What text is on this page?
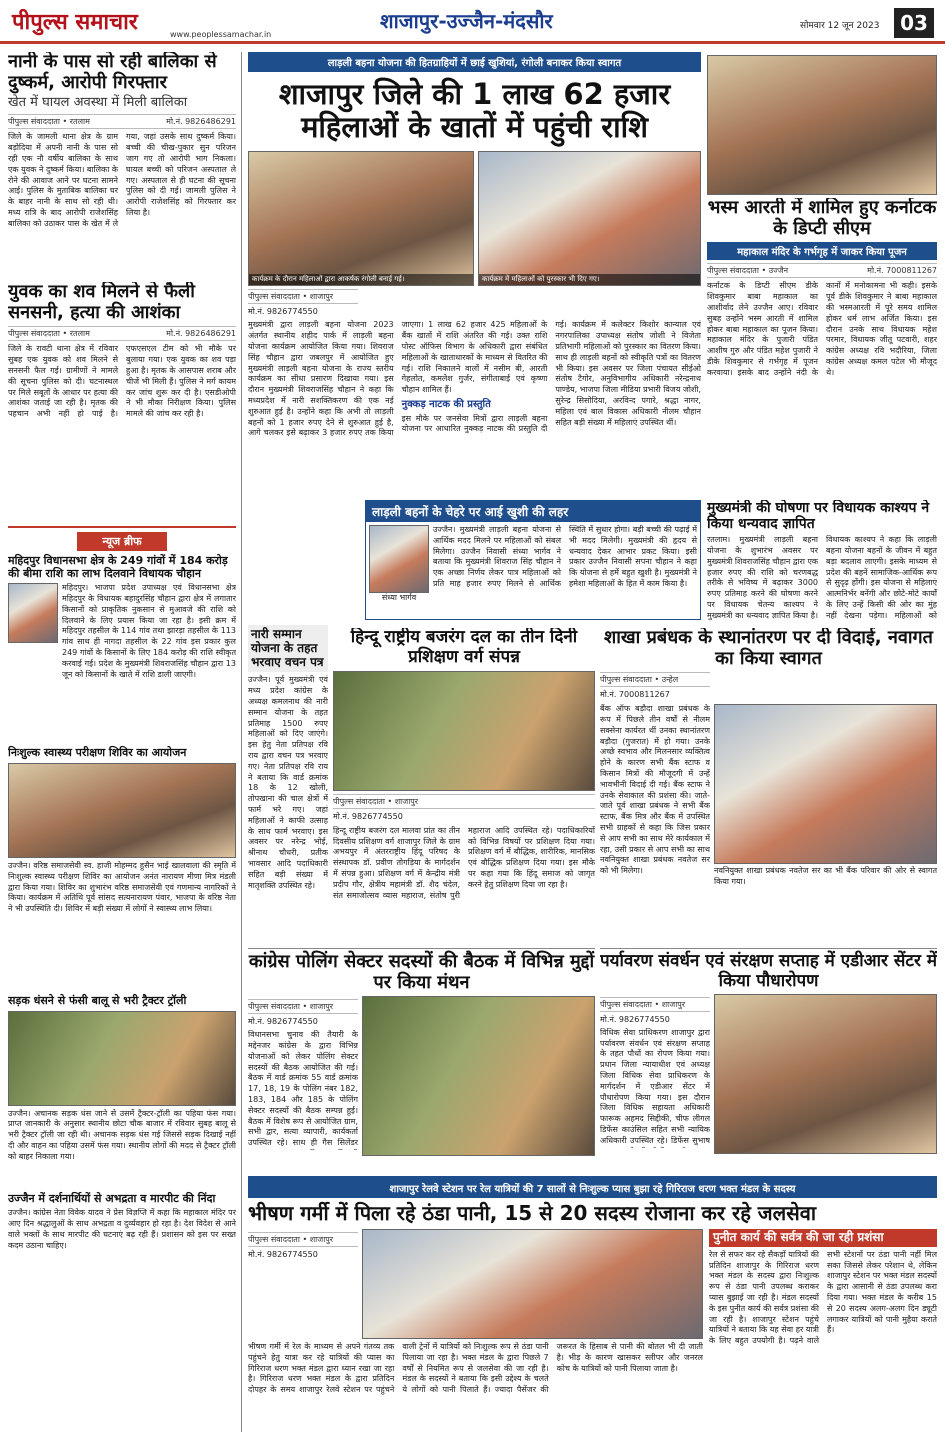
पीपुल्स समाचार	www.peoplessamachar.in
शाजापुर-उज्जैन-मंदसौर	सोमवार 12 जून 2023	03
नानी के पास सो रही बालिका से दुष्कर्म, आरोपी गिरफ्तार
खेत में घायल अवस्था में मिली बालिका
पीपुल्स संवाददाता • रतलाम	मो.नं. 9826486291
जिले के जामली थाना क्षेत्र के ग्राम बड़ोदिया में अपनी नानी के पास सो रही एक नौ वर्षीय बालिका के साथ एक युवक ने दुष्कर्म किया। बालिका के रोने की आवाज आने पर घटना सामने आई। पुलिस के मुताबिक बालिका घर के बाहर नानी के साथ सो रही थी। मध्य रात्रि के बाद आरोपी राजेशसिंह बालिका को उठाकर पास के खेत में ले गया, जहां उसके साथ दुष्कर्म किया। बच्ची की चीख-पुकार सुन परिजन जाग गए तो आरोपी भाग निकला। घायल बच्ची को परिजन अस्पताल ले गए। अस्पताल से ही घटना की सूचना पुलिस को दी गई। जामली पुलिस ने आरोपी राजेशसिंह को गिरफ्तार कर लिया है।
युवक का शव मिलने से फैली सनसनी, हत्या की आशंका
पीपुल्स संवाददाता • रतलाम	मो.नं. 9826486291
जिले के रावटी थाना क्षेत्र में रविवार सुबह एक युवक को शव मिलने से सनसनी फैल गई। ग्रामीणों ने मामले की सूचना पुलिस को दी। घटनास्थल पर मिले सबूतों के आधार पर हत्या की आशंका जताई जा रही है। मृतक की पहचान अभी नहीं हो पाई है। एफएसएल टीम को भी मौके पर बुलाया गया। एक युवक का शव पड़ा हुआ है। मृतक के आसपास शराब और चीजें भी मिली हैं। पुलिस ने मर्ग कायम कर जांच शुरू कर दी है। एसडीओपी ने भी मौका निरीक्षण किया। पुलिस मामले की जांच कर रही है।
न्यूज ब्रीफ
महिदपुर विधानसभा क्षेत्र के 249 गांवों में 184 करोड़ की बीमा राशि का लाभ दिलवाने विधायक चौहान
महिदपुर। भाजपा प्रदेश उपाध्यक्ष एवं विधानसभा क्षेत्र महिदपुर के विधायक बहादुरसिंह चौहान द्वारा क्षेत्र में लगातार किसानों को प्राकृतिक नुकसान से मुआवजे की राशि को दिलवाने के लिए प्रयास किया जा रहा है। इसी क्रम में महिदपुर तहसील के 114 गांव तथा झारड़ा तहसील के 113 गांव साथ ही नागदा तहसील के 22 गांव इस प्रकार कुल 249 गांवों के किसानों के लिए 184 करोड़ की राशि स्वीकृत करवाई गई। प्रदेश के मुख्यमंत्री शिवराजसिंह चौहान द्वारा 13 जून को किसानों के खाते में राशि डाली जाएगी।
निःशुल्क स्वास्थ्य परीक्षण शिविर का आयोजन
उज्जैन। वरिष्ठ समाजसेवी स्व. हाजी मोहम्मद हुसैन भाई खालवाला की स्मृति में निःशुल्क स्वास्थ्य परीक्षण शिविर का आयोजन अनंत नारायण मीणा मित्र मंडली द्वारा किया गया। शिविर का शुभारंभ वरिष्ठ समाजसेवी एवं गणमान्य नागरिकों ने किया। कार्यक्रम में अतिथि पूर्व सांसद सत्यनारायण पंवार, भाजपा के वरिष्ठ नेता ने भी उपस्थिति दी। शिविर में बड़ी संख्या में लोगों ने स्वास्थ्य लाभ लिया।
सड़क धंसने से फंसी बालू से भरी ट्रैक्टर ट्रॉली
उज्जैन। अचानक सड़क धंस जाने से उसमें ट्रैक्टर-ट्रॉली का पहिया फंस गया। प्राप्त जानकारी के अनुसार स्थानीय छोटा चौक बाजार में रविवार सुबह बालू से भरी ट्रैक्टर ट्रॉली जा रही थी। अचानक सड़क धंस गई जिससे सड़क दिखाई नहीं दी और वाहन का पहिया उसमें फंस गया। स्थानीय लोगों की मदद से ट्रैक्टर ट्रॉली को बाहर निकाला गया।
उज्जैन में दर्शनार्थियों से अभद्रता व मारपीट की निंदा
उज्जैन। कांग्रेस नेता विवेक यादव ने प्रेस विज्ञप्ति में कहा कि महाकाल मंदिर पर आए दिन श्रद्धालुओं के साथ अभद्रता व दुर्व्यवहार हो रहा है। देश विदेश से आने वाले भक्तों के साथ मारपीट की घटनाएं बढ़ रही हैं। प्रशासन को इस पर सख्त कदम उठाना चाहिए।
लाड़ली बहना योजना की हितग्राहियों में छाई खुशियां, रंगोली बनाकर किया स्वागत
शाजापुर जिले की 1 लाख 62 हजार महिलाओं के खातों में पहुंची राशि
कार्यक्रम के दौरान महिलाओं द्वारा आकर्षक रंगोली बनाई गई।	कार्यक्रम में महिलाओं को पुरस्कार भी दिए गए।
पीपुल्स संवाददाता • शाजापुर
मो.नं. 9826774550
मुख्यमंत्री द्वारा लाड़ली बहना योजना 2023 अंतर्गत स्थानीय शहीद पार्क में लाड़ली बहना योजना कार्यक्रम आयोजित किया गया। शिवराज सिंह चौहान द्वारा जबलपुर में आयोजित हुए मुख्यमंत्री लाड़ली बहना योजना के राज्य स्तरीय कार्यक्रम का सीधा प्रसारण दिखाया गया। इस दौरान मुख्यमंत्री शिवराजसिंह चौहान ने कहा कि मध्यप्रदेश में नारी सशक्तिकरण की एक नई शुरुआत हुई है। उन्होंने कहा कि अभी तो लाड़ली बहनों को 1 हजार रुपए देने से शुरुआत हुई है, आगे चलकर इसे बढ़ाकर 3 हजार रुपए तक किया जाएगा। 1 लाख 62 हजार 425 महिलाओं के बैंक खातों में राशि अंतरित की गई। उक्त राशि पोस्ट ऑफिस विभाग के अधिकारी द्वारा संबंधित महिलाओं के खाताधारकों के माध्यम से वितरित की गई। राशि निकालने वालों में नसीम बी, आरती गेहलोत, कमलेश गुर्जर, संगीताबाई एवं कृष्णा चौहान शामिल हैं।
नुक्कड़ नाटक की प्रस्तुति
इस मौके पर जनसेवा मित्रों द्वारा लाड़ली बहना योजना पर आधारित नुक्कड़ नाटक की प्रस्तुति दी गई। कार्यक्रम में कलेक्टर किशोर कान्याल एवं नगरपालिका उपाध्यक्ष संतोष जोशी ने विजेता प्रतिभागी महिलाओं को पुरस्कार का वितरण किया। साथ ही लाड़ली बहनों को स्वीकृति पत्रों का वितरण भी किया। इस अवसर पर जिला पंचायत सीईओ संतोष टैगोर, अनुविभागीय अधिकारी नरेन्द्रनाथ पाण्डेय, भाजपा जिला मीडिया प्रभारी विजय जोशी, सुरेन्द्र सिसोदिया, अरविन्द पगारे, श्रद्धा नागर, महिला एवं बाल विकास अधिकारी नीलम चौहान सहित बड़ी संख्या में महिलाएं उपस्थित थीं।
लाड़ली बहनों के चेहरे पर आई खुशी की लहर
संध्या भार्गव
उज्जैन। मुख्यमंत्री लाड़ली बहना योजना से आर्थिक मदद मिलने पर महिलाओं को संबल मिलेगा। उज्जैन निवासी संध्या भार्गव ने बताया कि मुख्यमंत्री शिवराज सिंह चौहान ने एक अच्छा निर्णय लेकर पात्र महिलाओं को प्रति माह हजार रुपए मिलने से आर्थिक स्थिति में सुधार होगा। बड़ी बच्ची की पढ़ाई में भी मदद मिलेगी। मुख्यमंत्री की हृदय से धन्यवाद देकर आभार प्रकट किया। इसी प्रकार उज्जैन निवासी सपना चौहान ने कहा कि योजना से हमें बहुत खुशी है। मुख्यमंत्री ने हमेशा महिलाओं के हित में काम किया है।
नारी सम्मान योजना के तहत भरवाए वचन पत्र
उज्जैन। पूर्व मुख्यमंत्री एवं मध्य प्रदेश कांग्रेस के अध्यक्ष कमलनाथ की नारी सम्मान योजना के तहत प्रतिमाह 1500 रुपए महिलाओं को दिए जाएंगे। इस हेतु नेता प्रतिपक्ष रवि राय द्वारा वचन पत्र भरवाए गए। नेता प्रतिपक्ष रवि राय ने बताया कि वार्ड क्रमांक 18 के 12 खोली, तोपखाना की चाल क्षेत्रों में फार्म भरे गए। जहां महिलाओं ने काफी उत्साह के साथ फार्म भरवाए। इस अवसर पर नरेन्द्र भोई, श्रीनाथ चौधरी, प्रतीक भावसार आदि पदाधिकारी सहित बड़ी संख्या में मातृशक्ति उपस्थित रहे।
हिन्दू राष्ट्रीय बजरंग दल का तीन दिनी प्रशिक्षण वर्ग संपन्न
पीपुल्स संवाददाता • शाजापुर
मो.नं. 9826774550
हिन्दू राष्ट्रीय बजरंग दल मालवा प्रांत का तीन दिवसीय प्रशिक्षण वर्ग शाजापुर जिले के ग्राम अभयपुर में अंतरराष्ट्रीय हिंदू परिषद के संस्थापक डॉ. प्रवीण तोगड़िया के मार्गदर्शन में संपन्न हुआ। प्रशिक्षण वर्ग में केन्द्रीय मंत्री प्रदीप गौर, क्षेत्रीय महामंत्री डॉ. शैद चंदेल, संत समाजोत्सव व्यास महाराज, संतोष पुरी महाराज आदि उपस्थित रहे। पदाधिकारियों को विभिन्न विषयों पर प्रशिक्षण दिया गया। प्रशिक्षण वर्ग में बौद्धिक, शारीरिक, मानसिक एवं बौद्धिक प्रशिक्षण दिया गया। इस मौके पर कहा गया कि हिंदू समाज को जागृत करने हेतु प्रशिक्षण दिया जा रहा है।
भस्म आरती में शामिल हुए कर्नाटक के डिप्टी सीएम
महाकाल मंदिर के गर्भगृह में जाकर किया पूजन
पीपुल्स संवाददाता • उज्जैन	मो.नं. 7000811267
कर्नाटक के डिप्टी सीएम डीके शिवकुमार बाबा महाकाल का आशीर्वाद लेने उज्जैन आए। रविवार सुबह उन्होंने भस्म आरती में शामिल होकर बाबा महाकाल का पूजन किया। महाकाल मंदिर के पुजारी पंडित आशीष गुरु और पंडित महेश पुजारी ने डीके शिवकुमार से गर्भगृह में पूजन करवाया। इसके बाद उन्होंने नंदी के कानों में मनोकामना भी कही। इसके पूर्व डीके शिवकुमार ने बाबा महाकाल की भस्मआरती में पूरे समय शामिल होकर धर्म लाभ अर्जित किया। इस दौरान उनके साथ विधायक महेश परमार, विधायक जीतू पटवारी, शहर कांग्रेस अध्यक्ष रवि भदौरिया, जिला कांग्रेस अध्यक्ष कमल पटेल भी मौजूद थे।
मुख्यमंत्री की घोषणा पर विधायक काश्यप ने किया धन्यवाद ज्ञापित
रतलाम। मुख्यमंत्री लाड़ली बहना योजना के शुभारंभ अवसर पर मुख्यमंत्री शिवराजसिंह चौहान द्वारा एक हजार रुपए की राशि को चरणबद्ध तरीके से भविष्य में बढ़ाकर 3000 रुपए प्रतिमाह करने की घोषणा करने पर विधायक चेतन्य काश्यप ने मुख्यमंत्री का धन्यवाद ज्ञापित किया है। विधायक काश्यप ने कहा कि लाड़ली बहना योजना बहनों के जीवन में बहुत बड़ा बदलाव लाएगी। इसके माध्यम से प्रदेश की बहनें सामाजिक-आर्थिक रूप से सुदृढ़ होंगी। इस योजना से महिलाएं आत्मनिर्भर बनेंगी और छोटे-मोटे कार्यों के लिए उन्हें किसी की ओर का मुंह नहीं देखना पड़ेगा। महिलाओं को
शाखा प्रबंधक के स्थानांतरण पर दी विदाई, नवागत का किया स्वागत
पीपुल्स संवाददाता • उन्हेल
मो.नं. 7000811267
बैंक ऑफ बड़ौदा शाखा प्रबंधक के रूप में पिछले तीन वर्षों से नीलम सक्सेना कार्यरत थीं उनका स्थानांतरण बड़ौदा (गुजरात) में हो गया। उनके अच्छे स्वभाव और मिलनसार व्यक्तित्व होने के कारण सभी बैंक स्टाफ व किसान मित्रों की मौजूदगी में उन्हें भावभीनी विदाई दी गई। बैंक स्टाफ ने उनके सेवाकाल की प्रशंसा की। जाते-जाते पूर्व शाखा प्रबंधक ने सभी बैंक स्टाफ, बैंक मित्र और बैंक में उपस्थित सभी ग्राहकों से कहा कि जिस प्रकार से आप सभी का साथ मेरे कार्यकाल में रहा, उसी प्रकार से आप सभी का साथ नवनियुक्त शाखा प्रबंधक नवतेज सर को भी मिलेगा।	नवनियुक्त शाखा प्रबंधक नवतेज सर का भी बैंक परिवार की ओर से स्वागत किया गया।
कांग्रेस पोलिंग सेक्टर सदस्यों की बैठक में विभिन्न मुद्दों पर किया मंथन
पीपुल्स संवाददाता • शाजापुर
मो.नं. 9826774550
विधानसभा चुनाव की तैयारी के मद्देनजर कांग्रेस के द्वारा विभिन्न योजनाओं को लेकर पोलिंग सेक्टर सदस्यों की बैठक आयोजित की गई। बैठक में वार्ड क्रमांक 55 वार्ड क्रमांक 17, 18, 19 के पोलिंग नंबर 182, 183, 184 और 185 के पोलिंग सेक्टर सदस्यों की बैठक सम्पन्न हुई। बैठक में विशेष रूप से आयोजित ग्राम, सभी द्वार, सत्या व्यापारी, कार्यकर्ता उपस्थित रहे। साथ ही गैस सिलेंडर
पर्यावरण संवर्धन एवं संरक्षण सप्ताह में एडीआर सेंटर में किया पौधारोपण
पीपुल्स संवाददाता • शाजापुर
मो.नं. 9826774550
विधिक सेवा प्राधिकरण शाजापुर द्वारा पर्यावरण संवर्धन एवं संरक्षण सप्ताह के तहत पौधों का रोपण किया गया। प्रधान जिला न्यायाधीश एवं अध्यक्ष जिला विधिक सेवा प्राधिकरण के मार्गदर्शन में एडीआर सेंटर में पौधारोपण किया गया। इस दौरान जिला विधिक सहायता अधिकारी फारूक अहमद सिद्दीकी, चीफ लीगल डिफेंस काउंसिल सहित सभी न्यायिक अधिकारी उपस्थित रहे। डिफेंस सुभाष
शाजापुर रेलवे स्टेशन पर रेल यात्रियों की 7 सालों से निःशुल्क प्यास बुझा रहे गिरिराज धरण भक्त मंडल के सदस्य
भीषण गर्मी में पिला रहे ठंडा पानी, 15 से 20 सदस्य रोजाना कर रहे जलसेवा
पीपुल्स संवाददाता • शाजापुर
मो.नं. 9826774550
भीषण गर्मी में रेल के माध्यम से अपने गंतव्य तक पहुंचने हेतु यात्रा कर रहे यात्रियों की प्यास का गिरिराज धरण भक्त मंडल द्वारा ध्यान रखा जा रहा है। गिरिराज धरण भक्त मंडल के द्वारा प्रतिदिन दोपहर के समय शाजापुर रेलवे स्टेशन पर पहुंचने वाली ट्रेनों में यात्रियों को निःशुल्क रूप से ठंडा पानी पिलाया जा रहा है। भक्त मंडल के द्वारा पिछले 7 वर्षों से नियमित रूप से जलसेवा की जा रही है। मंडल के सदस्यों ने बताया कि इसी उद्देश्य के चलते ये लोगों को पानी पिलाते हैं। ज्यादा पैसेंजर की जरूरत के हिसाब से पानी की बोतल भी दी जाती है। भीड़ के कारण खासकर स्लीपर और जनरल कोच के यात्रियों को पानी पिलाया जाता है।
पुनीत कार्य की सर्वत्र की जा रही प्रशंसा
रेल से सफर कर रहे सैकड़ों यात्रियों की प्रतिदिन शाजापुर के गिरिराज धरण भक्त मंडल के सदस्य द्वारा निःशुल्क रूप से ठंडा पानी उपलब्ध कराकर प्यास बुझाई जा रही है। मंडल सदस्यों के इस पुनीत कार्य की सर्वत्र प्रशंसा की जा रही है। शाजापुर स्टेशन पहुंचे यात्रियों ने बताया कि यह सेवा हर यात्री के लिए बहुत उपयोगी है। पढ़ने वाले सभी स्टेशनों पर ठंडा पानी नहीं मिल सका जिससे लेकर परेशान थे, लेकिन शाजापुर स्टेशन पर भक्त मंडल सदस्यों के द्वारा आसानी से ठंडा उपलब्ध करा दिया गया। भक्त मंडल के करीब 15 से 20 सदस्य अलग-अलग दिन ड्यूटी लगाकर यात्रियों को पानी मुहैया कराते हैं।
